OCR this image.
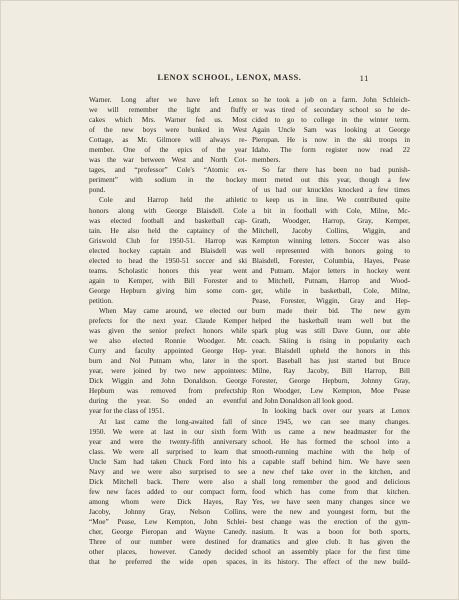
LENOX SCHOOL, LENOX, MASS.	11
Warner. Long after we have left Lenox
we will remember the light and fluffy
cakes which Mrs. Warner fed us. Most
of the new boys were bunked in West
Cottage, as Mr. Gilmore will always re-
member. One of the epics of the year
was the war between West and North Cot-
tages, and “professor” Cole's “Atomic ex-
periment” with sodium in the hockey
pond.
Cole and Harrop held the athletic
honors along with George Blaisdell. Cole
was elected football and basketball cap-
tain. He also held the captaincy of the
Griswold Club for 1950-51. Harrop was
elected hockey captain and Blaisdell was
elected to head the 1950-51 soccer and ski
teams. Scholastic honors this year went
again to Kemper, with Bill Forester and
George Hepburn giving him some com-
petition.
When May came around, we elected our
prefects for the next year. Claude Kemper
was given the senior prefect honors while
we also elected Ronnie Woodger. Mr.
Curry and faculty appointed George Hep-
burn and Nol Putnam who, later in the
year, were joined by two new appointees:
Dick Wiggin and John Donaldson. George
Hepburn was removed from prefectship
during the year. So ended an eventful
year for the class of 1951.
At last came the long-awaited fall of
1950. We were at last in our sixth form
year and were the twenty-fifth anniversary
class. We were all surprised to learn that
Uncle Sam had taken Chuck Ford into his
Navy and we were also surprised to see
Dick Mitchell back. There were also a
few new faces added to our compact form,
among whom were Dick Hayes, Ray
Jacoby, Johnny Gray, Nelson Collins,
“Moe” Pease, Lew Kempton, John Schlei-
cher, George Pieropan and Wayne Canedy.
Three of our number were destined for
other places, however. Canedy decided
that he preferred the wide open spaces,
so he took a job on a farm. John Schleich-
er was tired of secondary school so he de-
cided to go to college in the winter term.
Again Uncle Sam was looking at George
Pieropan. He is now in the ski troops in
Idaho. The form register now read 22
members.
So far there has been no bad punish-
ment meted out this year, though a few
of us had our knuckles knocked a few times
to keep us in line. We contributed quite
a bit in football with Cole, Milne, Mc-
Grath, Woodger, Harrop, Gray, Kemper,
Mitchell, Jacoby Collins, Wiggin, and
Kempton winning letters. Soccer was also
well represented with honors going to
Blaisdell, Forester, Columbia, Hayes, Pease
and Putnam. Major letters in hockey went
to Mitchell, Putnam, Harrop and Wood-
ger, while in basketball, Cole, Milne,
Pease, Forester, Wiggin, Gray and Hep-
burn made their bid. The new gym
helped the basketball team well but the
spark plug was still Dave Gunn, our able
coach. Skiing is rising in popularity each
year. Blaisdell upheld the honors in this
sport. Baseball has just started but Bruce
Milne, Ray Jacoby, Bill Harrop, Bill
Forester, George Hepburn, Johnny Gray,
Ron Woodger, Lew Kempton, Moe Pease
and John Donaldson all look good.
In looking back over our years at Lenox
since 1945, we can see many changes.
With us came a new headmaster for the
school. He has formed the school into a
smooth-running machine with the help of
a capable staff behind him. We have seen
a new chef take over in the kitchen, and
shall long remember the good and delicious
food which has come from that kitchen.
Yes, we have seen many changes since we
were the new and youngest form, but the
best change was the erection of the gym-
nasium. It was a boon for both sports,
dramatics and glee club. It has given the
school an assembly place for the first time
in its history. The effect of the new build-
